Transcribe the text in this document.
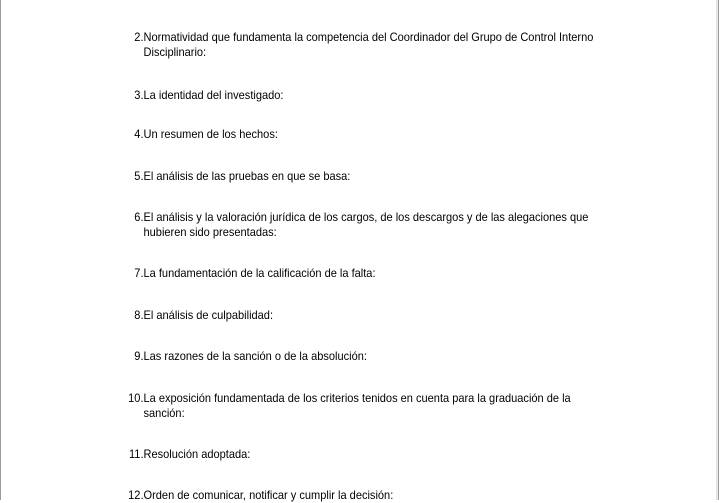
2. Normatividad que fundamenta la competencia del Coordinador del Grupo de Control Interno Disciplinario:
3. La identidad del investigado:
4. Un resumen de los hechos:
5. El análisis de las pruebas en que se basa:
6. El análisis y la valoración jurídica de los cargos, de los descargos y de las alegaciones que hubieren sido presentadas:
7. La fundamentación de la calificación de la falta:
8. El análisis de culpabilidad:
9. Las razones de la sanción o de la absolución:
10. La exposición fundamentada de los criterios tenidos en cuenta para la graduación de la sanción:
11. Resolución adoptada:
12. Orden de comunicar, notificar y cumplir la decisión:
